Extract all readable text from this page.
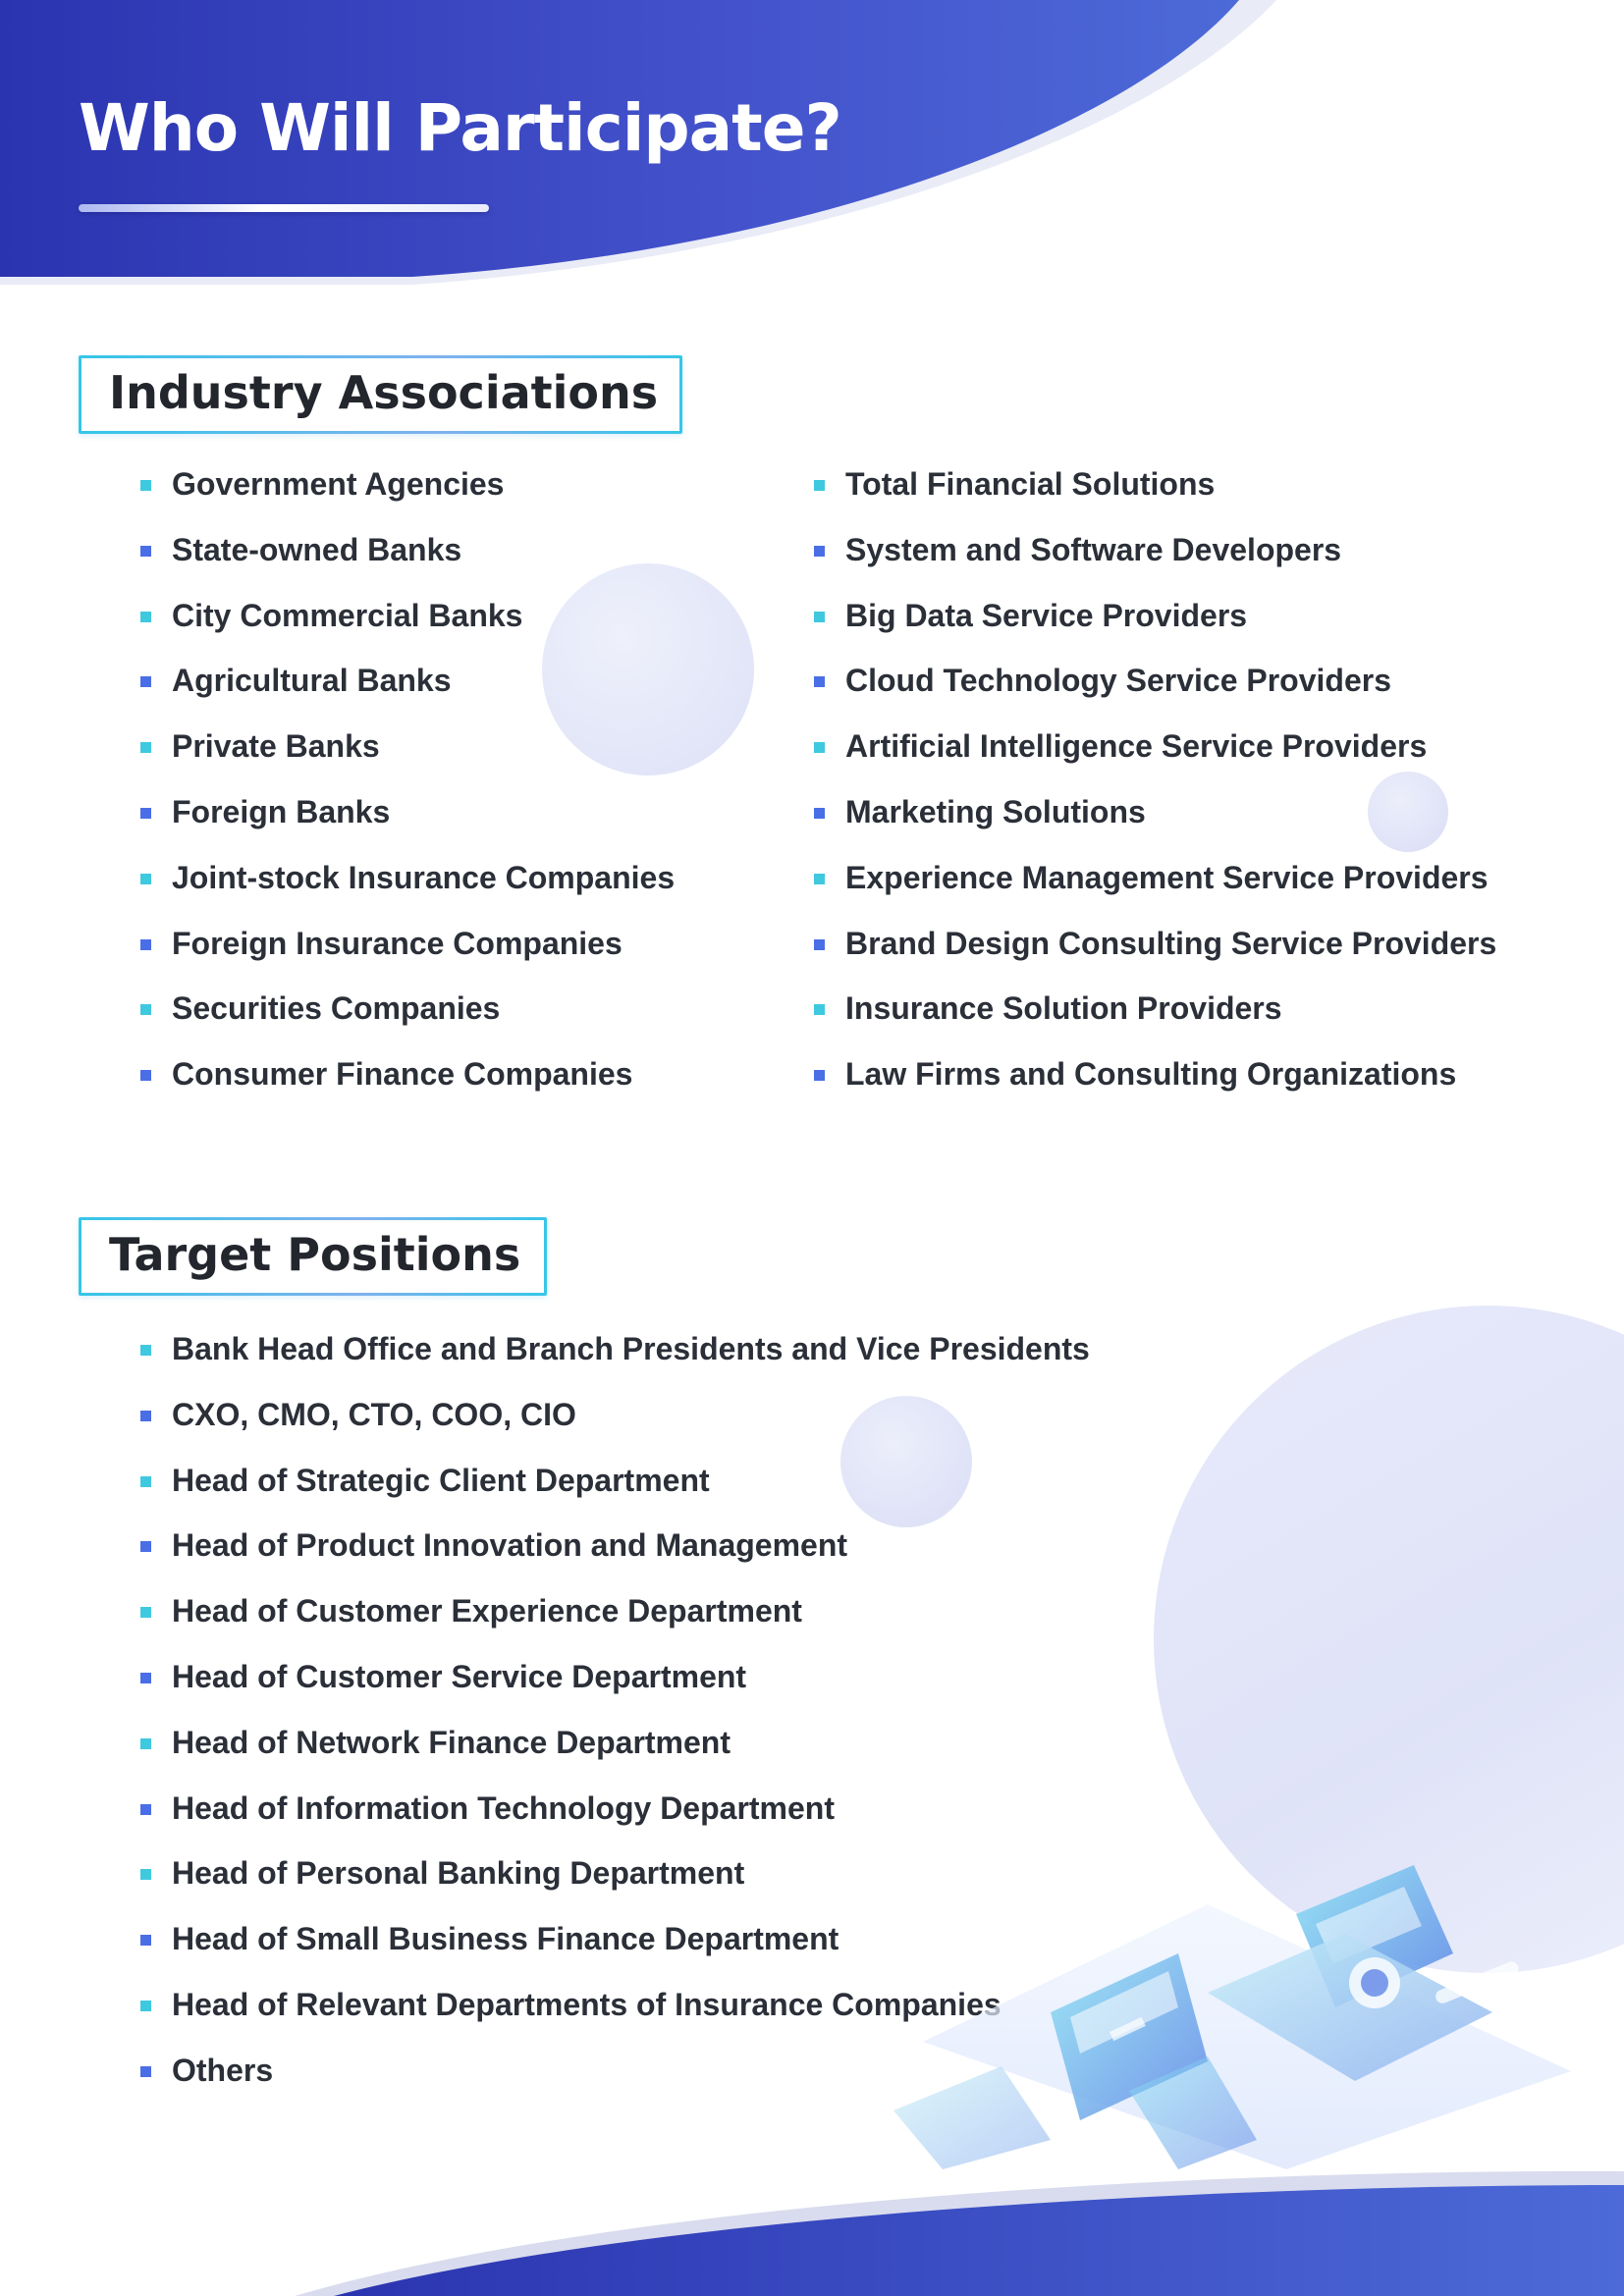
Who Will Participate?
Industry Associations
Government Agencies
State-owned Banks
City Commercial Banks
Agricultural Banks
Private Banks
Foreign Banks
Joint-stock Insurance Companies
Foreign Insurance Companies
Securities Companies
Consumer Finance Companies
Total Financial Solutions
System and Software Developers
Big Data Service Providers
Cloud Technology Service Providers
Artificial Intelligence Service Providers
Marketing Solutions
Experience Management Service Providers
Brand Design Consulting Service Providers
Insurance Solution Providers
Law Firms and Consulting Organizations
Target Positions
Bank Head Office and Branch Presidents and Vice Presidents
CXO, CMO, CTO, COO, CIO
Head of Strategic Client Department
Head of Product Innovation and Management
Head of Customer Experience Department
Head of Customer Service Department
Head of Network Finance Department
Head of Information Technology Department
Head of Personal Banking Department
Head of Small Business Finance Department
Head of Relevant Departments of Insurance Companies
Others
